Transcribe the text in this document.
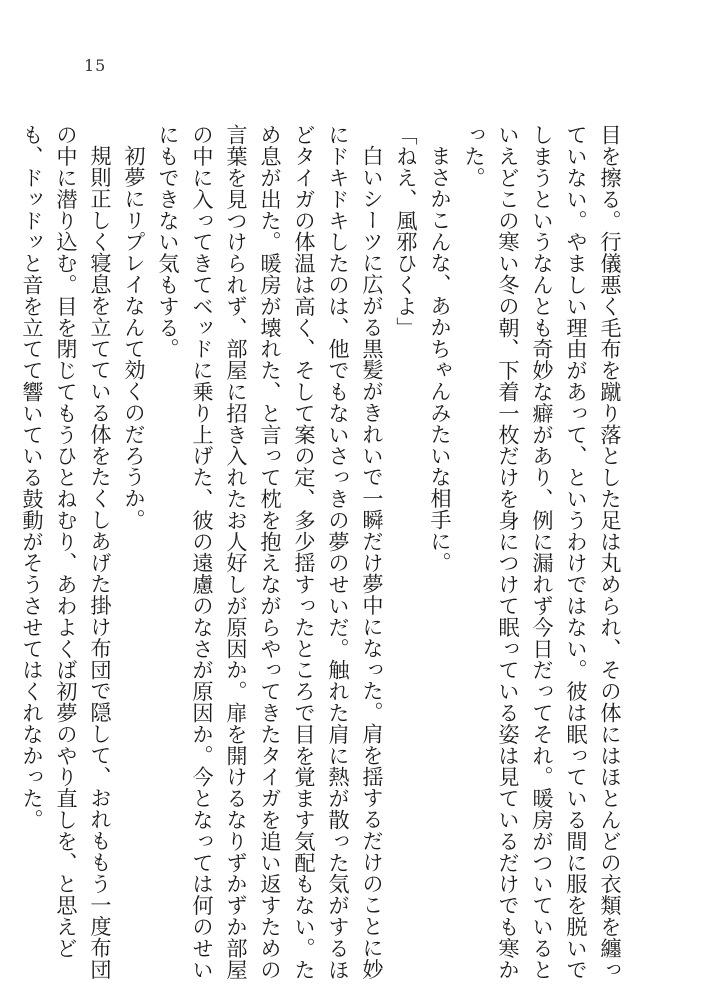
15

目を擦る。行儀悪く毛布を蹴り落とした足は丸められ、その体にはほとんどの衣類を纏っていない。やましい理由があって、というわけではない。彼は眠っている間に服を脱いでしまうというなんとも奇妙な癖があり、例に漏れず今日だってそれ。暖房がついているといえどこの寒い冬の朝、下着一枚だけを身につけて眠っている姿は見ているだけでも寒かった。

まさかこんな、あかちゃんみたいな相手に。

「ねえ、風邪ひくよ」

白いシーツに広がる黒髪がきれいで一瞬だけ夢中になった。肩を揺するだけのことに妙にドキドキしたのは、他でもないさっきの夢のせいだ。触れた肩に熱が散った気がするほどタイガの体温は高く、そして案の定、多少揺すったところで目を覚ます気配もない。ため息が出た。暖房が壊れた、と言って枕を抱えながらやってきたタイガを追い返すための言葉を見つけられず、部屋に招き入れたお人好しが原因か。扉を開けるなりずかずか部屋の中に入ってきてベッドに乗り上げた、彼の遠慮のなさが原因か。今となっては何のせいにもできない気もする。

初夢にリプレイなんて効くのだろうか。

規則正しく寝息を立てている体をたくしあげた掛け布団で隠して、おれももう一度布団の中に潜り込む。目を閉じてもうひとねむり、あわよくば初夢のやり直しを、と思えども、ドッドッと音を立てて響いている鼓動がそうさせてはくれなかった。
